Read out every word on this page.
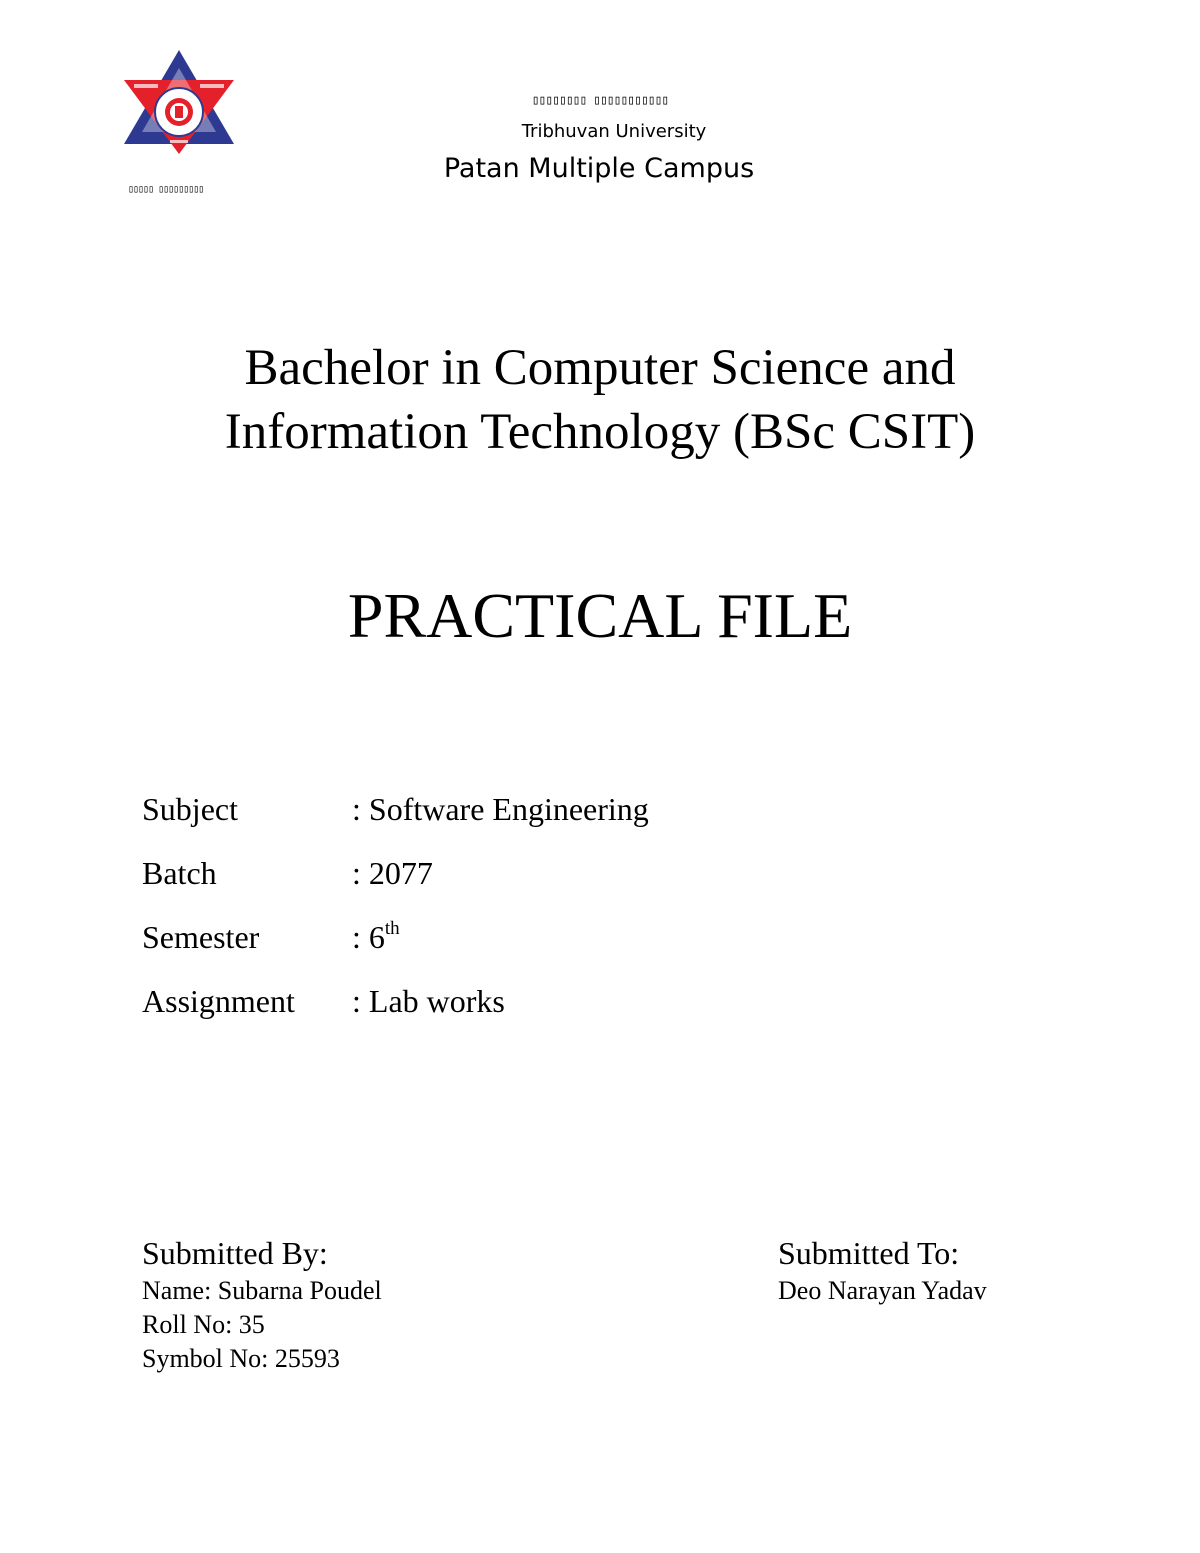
▯▯▯▯▯ ▯▯▯▯▯▯▯▯▯
▯▯▯▯▯▯▯▯ ▯▯▯▯▯▯▯▯▯▯▯
Tribhuvan University
Patan Multiple Campus
Bachelor in Computer Science and
Information Technology (BSc CSIT)
PRACTICAL FILE
Subject	: Software Engineering
Batch	: 2077
Semester	: 6th
Assignment : Lab works
Submitted By:
Name: Subarna Poudel
Roll No: 35
Symbol No: 25593
Submitted To:
Deo Narayan Yadav
